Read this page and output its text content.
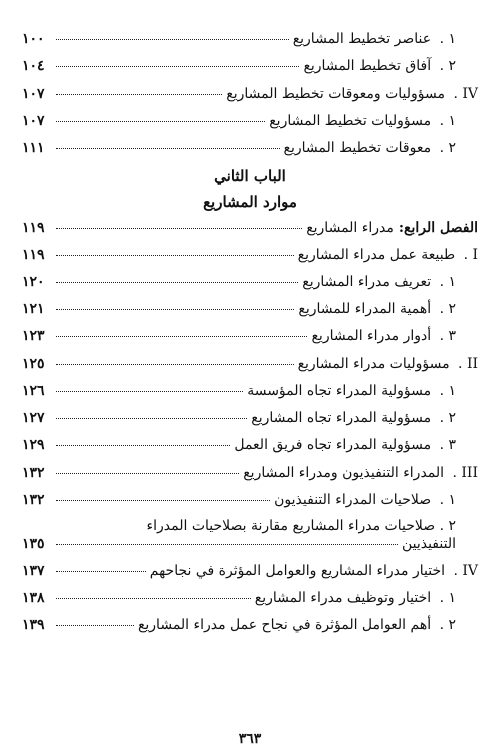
١ . عناصر تخطيط المشاريع
١٠٠
٢ . آفاق تخطيط المشاريع
١٠٤
IV . مسؤوليات ومعوقات تخطيط المشاريع
١٠٧
١ . مسؤوليات تخطيط المشاريع
١٠٧
٢ . معوقات تخطيط المشاريع
١١١
الباب الثاني
موارد المشاريع
الفصل الرابع:
مدراء المشاريع
١١٩
I . طبيعة عمل مدراء المشاريع
١١٩
١ . تعريف مدراء المشاريع
١٢٠
٢ . أهمية المدراء للمشاريع
١٢١
٣ . أدوار مدراء المشاريع
١٢٣
II . مسؤوليات مدراء المشاريع
١٢٥
١ . مسؤولية المدراء تجاه المؤسسة
١٢٦
٢ . مسؤولية المدراء تجاه المشاريع
١٢٧
٣ . مسؤولية المدراء تجاه فريق العمل
١٢٩
III . المدراء التنفيذيون ومدراء المشاريع
١٣٢
١ . صلاحيات المدراء التنفيذيون
١٣٢
٢ . صلاحيات مدراء المشاريع مقارنة بصلاحيات المدراء
التنفيذيين
١٣٥
IV . اختيار مدراء المشاريع والعوامل المؤثرة في نجاحهم
١٣٧
١ . اختيار وتوظيف مدراء المشاريع
١٣٨
٢ . أهم العوامل المؤثرة في نجاح عمل مدراء المشاريع
١٣٩
٣٦٣
